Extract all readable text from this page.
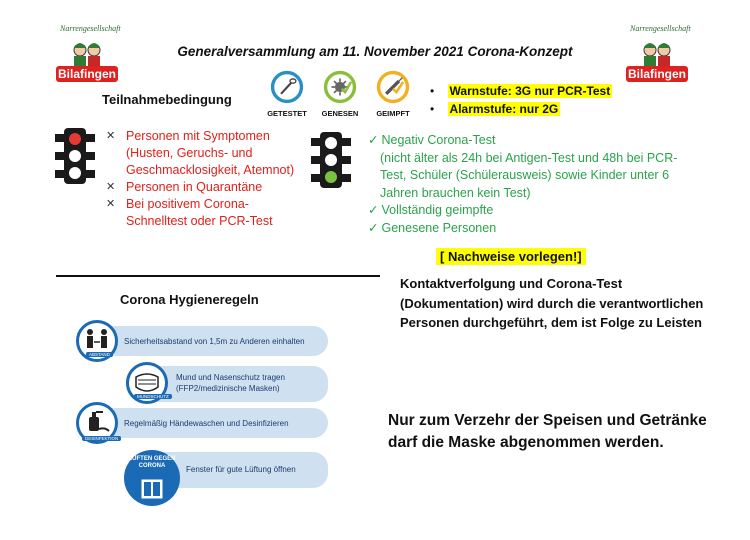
Narrengesellschaft
Bilafingen
Narrengesellschaft
Bilafingen
Generalversammlung am 11. November 2021 Corona-Konzept
Teilnahmebedingung
GETESTET	GENESEN	GEIMPFT
•    Warnstufe: 3G nur PCR-Test
•    Alarmstufe: nur 2G
✕ Personen mit Symptomen (Husten, Geruchs- und Geschmacklosigkeit, Atemnot)
✕ Personen in Quarantäne
✕ Bei positivem Corona-Schnelltest oder PCR-Test
✓ Negativ Corona-Test
(nicht älter als 24h bei Antigen-Test und 48h bei PCR-Test, Schüler (Schülerausweis) sowie Kinder unter 6 Jahren brauchen kein Test)
✓ Vollständig geimpfte
✓ Genesene Personen
[ Nachweise vorlegen!]
Corona Hygieneregeln
ABSTAND
Sicherheitsabstand von 1,5m zu Anderen einhalten
MUNDSCHUTZ
Mund und Nasenschutz tragen (FFP2/medizinische Masken)
DESINFEKTION
Regelmäßig Händewaschen und Desinfizieren
LÜFTEN GEGEN CORONA	Fenster für gute Lüftung öffnen
Kontaktverfolgung und Corona-Test (Dokumentation) wird durch die verantwortlichen Personen durchgeführt, dem ist Folge zu Leisten
Nur zum Verzehr der Speisen und Getränke darf die Maske abgenommen werden.
